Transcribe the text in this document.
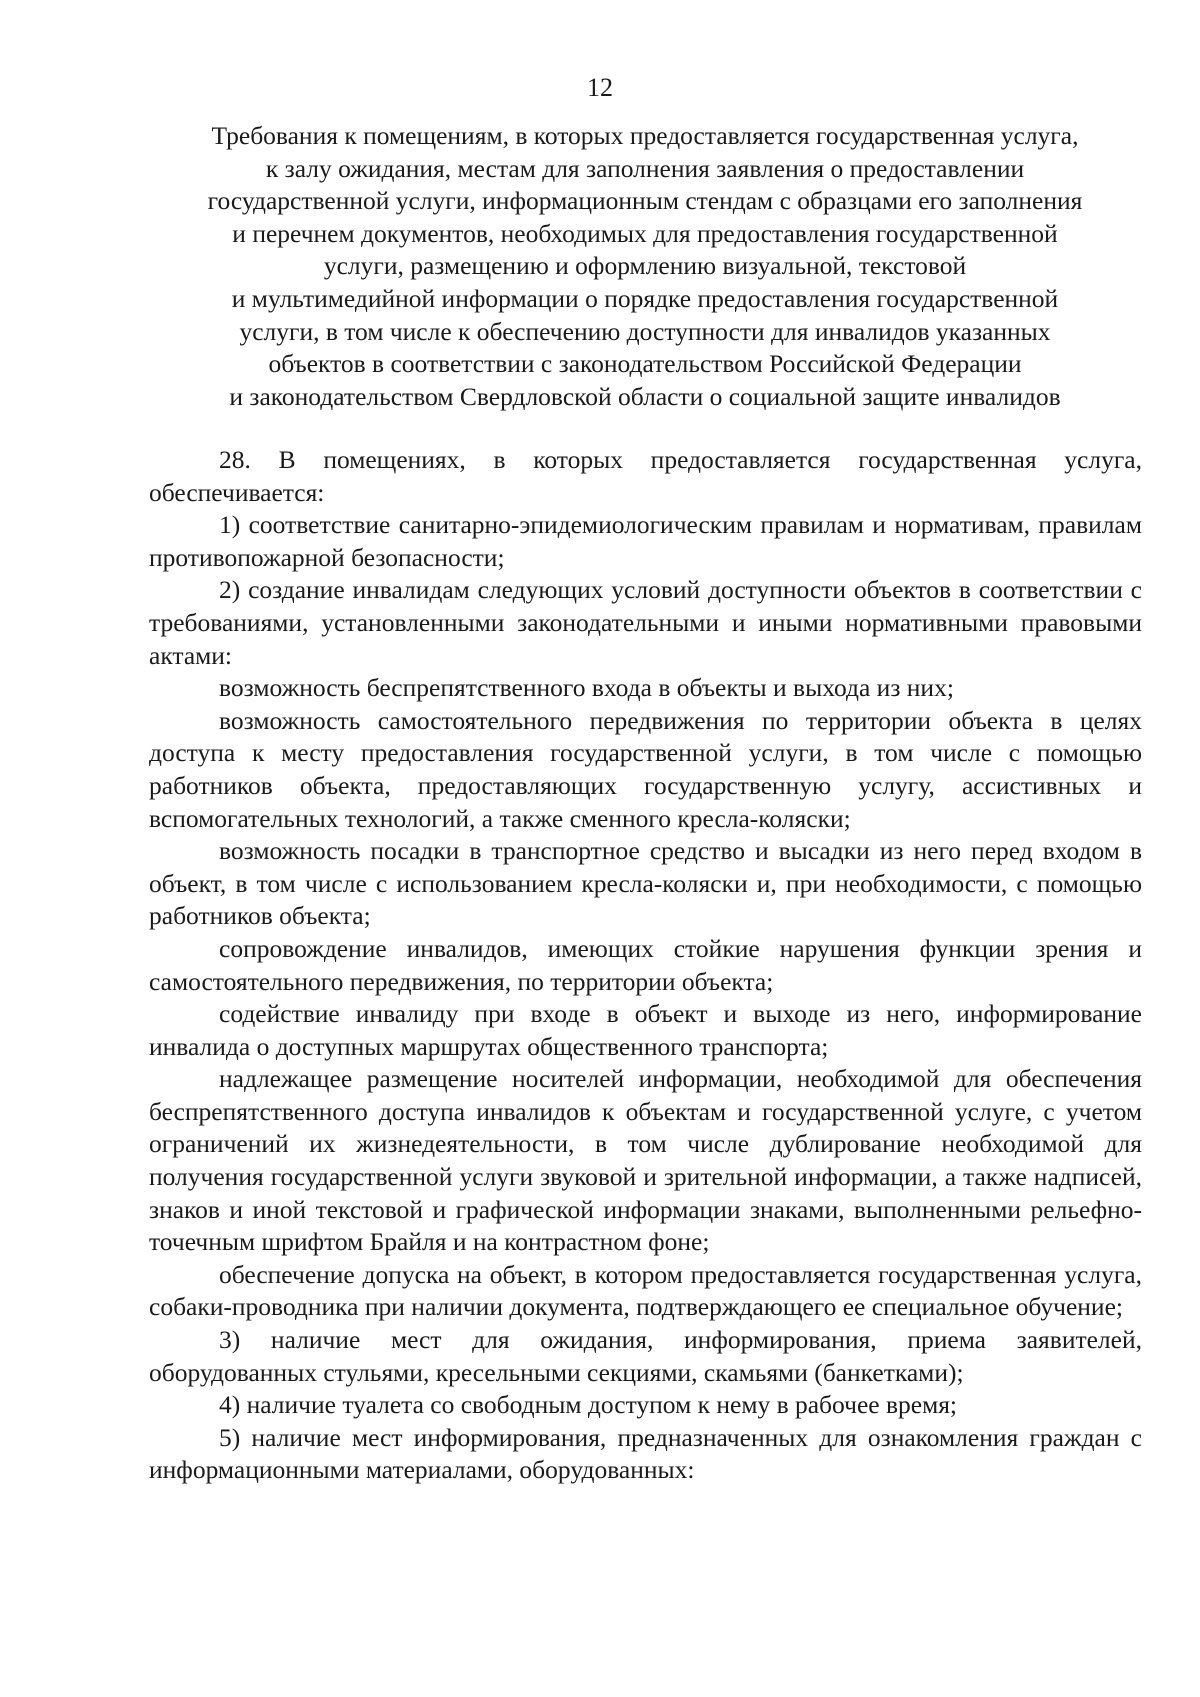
12
Требования к помещениям, в которых предоставляется государственная услуга,
к залу ожидания, местам для заполнения заявления о предоставлении
государственной услуги, информационным стендам с образцами его заполнения
и перечнем документов, необходимых для предоставления государственной
услуги, размещению и оформлению визуальной, текстовой
и мультимедийной информации о порядке предоставления государственной
услуги, в том числе к обеспечению доступности для инвалидов указанных
объектов в соответствии с законодательством Российской Федерации
и законодательством Свердловской области о социальной защите инвалидов

28. В помещениях, в которых предоставляется государственная услуга, обеспечивается:

1) соответствие санитарно-эпидемиологическим правилам и нормативам, правилам противопожарной безопасности;

2) создание инвалидам следующих условий доступности объектов в соответствии с требованиями, установленными законодательными и иными нормативными правовыми актами:

возможность беспрепятственного входа в объекты и выхода из них;

возможность самостоятельного передвижения по территории объекта в целях доступа к месту предоставления государственной услуги, в том числе с помощью работников объекта, предоставляющих государственную услугу, ассистивных и вспомогательных технологий, а также сменного кресла-коляски;

возможность посадки в транспортное средство и высадки из него перед входом в объект, в том числе с использованием кресла-коляски и, при необходимости, с помощью работников объекта;

сопровождение инвалидов, имеющих стойкие нарушения функции зрения и самостоятельного передвижения, по территории объекта;

содействие инвалиду при входе в объект и выходе из него, информирование инвалида о доступных маршрутах общественного транспорта;

надлежащее размещение носителей информации, необходимой для обеспечения беспрепятственного доступа инвалидов к объектам и государственной услуге, с учетом ограничений их жизнедеятельности, в том числе дублирование необходимой для получения государственной услуги звуковой и зрительной информации, а также надписей, знаков и иной текстовой и графической информации знаками, выполненными рельефно-точечным шрифтом Брайля и на контрастном фоне;

обеспечение допуска на объект, в котором предоставляется государственная услуга, собаки-проводника при наличии документа, подтверждающего ее специальное обучение;

3) наличие мест для ожидания, информирования, приема заявителей, оборудованных стульями, кресельными секциями, скамьями (банкетками);

4) наличие туалета со свободным доступом к нему в рабочее время;

5) наличие мест информирования, предназначенных для ознакомления граждан с информационными материалами, оборудованных:
